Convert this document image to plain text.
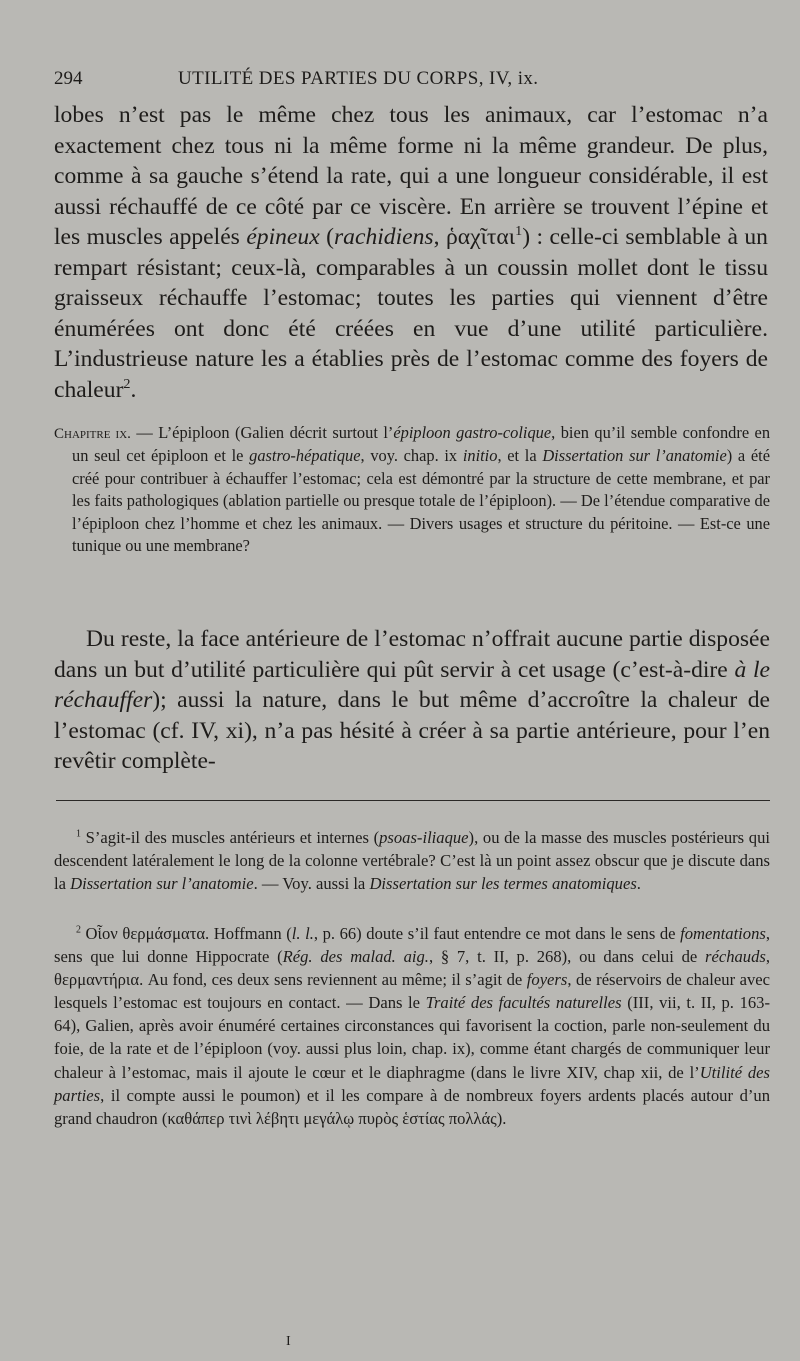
294	UTILITÉ DES PARTIES DU CORPS, IV, ix.

lobes n’est pas le même chez tous les animaux, car l’estomac n’a exactement chez tous ni la même forme ni la même grandeur. De plus, comme à sa gauche s’étend la rate, qui a une longueur considérable, il est aussi réchauffé de ce côté par ce viscère. En arrière se trouvent l’épine et les muscles appelés épineux (rachidiens, ῥαχῖται$^1$) : celle-ci semblable à un rempart résistant; ceux-là, comparables à un coussin mollet dont le tissu graisseux réchauffe l’estomac; toutes les parties qui viennent d’être énumérées ont donc été créées en vue d’une utilité particulière. L’industrieuse nature les a établies près de l’estomac comme des foyers de chaleur$^2$.

Chapitre ix. — L’épiploon (Galien décrit surtout l’épiploon gastro-colique, bien qu’il semble confondre en un seul cet épiploon et le gastro-hépatique, voy. chap. ix initio, et la Dissertation sur l’anatomie) a été créé pour contribuer à échauffer l’estomac; cela est démontré par la structure de cette membrane, et par les faits pathologiques (ablation partielle ou presque totale de l’épiploon). — De l’étendue comparative de l’épiploon chez l’homme et chez les animaux. — Divers usages et structure du péritoine. — Est-ce une tunique ou une membrane?

Du reste, la face antérieure de l’estomac n’offrait aucune partie disposée dans un but d’utilité particulière qui pût servir à cet usage (c’est-à-dire à le réchauffer); aussi la nature, dans le but même d’accroître la chaleur de l’estomac (cf. IV, xi), n’a pas hésité à créer à sa partie antérieure, pour l’en revêtir complète-

$^1$ S’agit-il des muscles antérieurs et internes (psoas-iliaque), ou de la masse des muscles postérieurs qui descendent latéralement le long de la colonne vertébrale? C’est là un point assez obscur que je discute dans la Dissertation sur l’anatomie. — Voy. aussi la Dissertation sur les termes anatomiques.

$^2$ Οἷον θερμάσματα. Hoffmann (l. l., p. 66) doute s’il faut entendre ce mot dans le sens de fomentations, sens que lui donne Hippocrate (Rég. des malad. aig., § 7, t. II, p. 268), ou dans celui de réchauds, θερμαντήρια. Au fond, ces deux sens reviennent au même; il s’agit de foyers, de réservoirs de chaleur avec lesquels l’estomac est toujours en contact. — Dans le Traité des facultés naturelles (III, vii, t. II, p. 163-64), Galien, après avoir énuméré certaines circonstances qui favorisent la coction, parle non-seulement du foie, de la rate et de l’épiploon (voy. aussi plus loin, chap. ix), comme étant chargés de communiquer leur chaleur à l’estomac, mais il ajoute le cœur et le diaphragme (dans le livre XIV, chap xii, de l’Utilité des parties, il compte aussi le poumon) et il les compare à de nombreux foyers ardents placés autour d’un grand chaudron (καθάπερ τινὶ λέβητι μεγάλῳ πυρὸς ἑστίας πολλάς).

I
